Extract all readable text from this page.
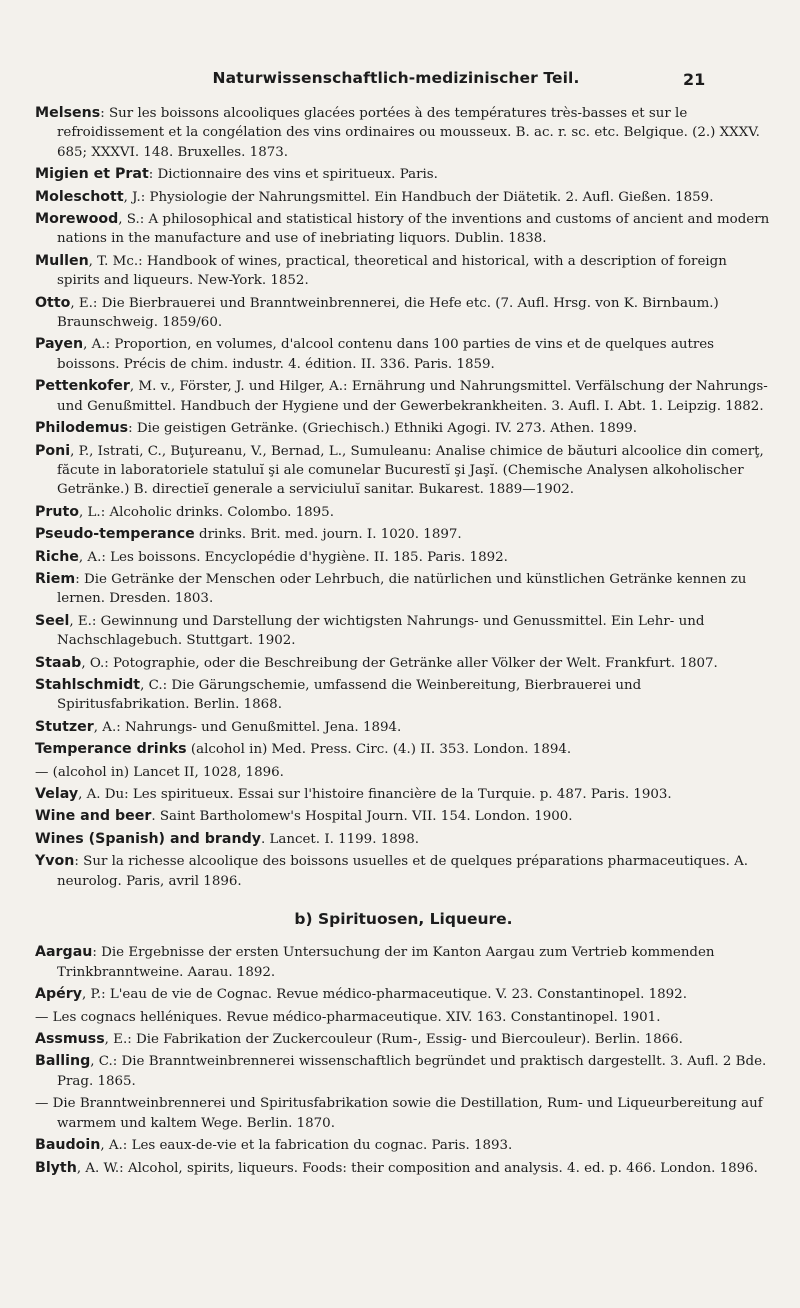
Naturwissenschaftlich-medizinischer Teil.	21
Melsens: Sur les boissons alcooliques glacées portées à des températures très-basses et sur le refroidissement et la congélation des vins ordinaires ou mousseux. B. ac. r. sc. etc. Belgique. (2.) XXXV. 685; XXXVI. 148. Bruxelles. 1873.
Migien et Prat: Dictionnaire des vins et spiritueux. Paris.
Moleschott, J.: Physiologie der Nahrungsmittel. Ein Handbuch der Diätetik. 2. Aufl. Gießen. 1859.
Morewood, S.: A philosophical and statistical history of the inventions and customs of ancient and modern nations in the manufacture and use of inebriating liquors. Dublin. 1838.
Mullen, T. Mc.: Handbook of wines, practical, theoretical and historical, with a description of foreign spirits and liqueurs. New-York. 1852.
Otto, E.: Die Bierbrauerei und Branntweinbrennerei, die Hefe etc. (7. Aufl. Hrsg. von K. Birnbaum.) Braunschweig. 1859/60.
Payen, A.: Proportion, en volumes, d'alcool contenu dans 100 parties de vins et de quelques autres boissons. Précis de chim. industr. 4. édition. II. 336. Paris. 1859.
Pettenkofer, M. v., Förster, J. und Hilger, A.: Ernährung und Nahrungsmittel. Verfälschung der Nahrungs- und Genußmittel. Handbuch der Hygiene und der Gewerbekrankheiten. 3. Aufl. I. Abt. 1. Leipzig. 1882.
Philodemus: Die geistigen Getränke. (Griechisch.) Ethniki Agogi. IV. 273. Athen. 1899.
Poni, P., Istrati, C., Buţureanu, V., Bernad, L., Sumuleanu: Analise chimice de băuturi alcoolice din comerţ, făcute in laboratoriele statuluĭ şi ale comunelar Bucurestĭ şi Jaşĭ. (Chemische Analysen alkoholischer Getränke.) B. directieĭ generale a serviciuluĭ sanitar. Bukarest. 1889—1902.
Pruto, L.: Alcoholic drinks. Colombo. 1895.
Pseudo-temperance drinks. Brit. med. journ. I. 1020. 1897.
Riche, A.: Les boissons. Encyclopédie d'hygiène. II. 185. Paris. 1892.
Riem: Die Getränke der Menschen oder Lehrbuch, die natürlichen und künstlichen Getränke kennen zu lernen. Dresden. 1803.
Seel, E.: Gewinnung und Darstellung der wichtigsten Nahrungs- und Genussmittel. Ein Lehr- und Nachschlagebuch. Stuttgart. 1902.
Staab, O.: Potographie, oder die Beschreibung der Getränke aller Völker der Welt. Frankfurt. 1807.
Stahlschmidt, C.: Die Gärungschemie, umfassend die Weinbereitung, Bierbrauerei und Spiritusfabrikation. Berlin. 1868.
Stutzer, A.: Nahrungs- und Genußmittel. Jena. 1894.
Temperance drinks (alcohol in) Med. Press. Circ. (4.) II. 353. London. 1894.
— (alcohol in) Lancet II, 1028, 1896.
Velay, A. Du: Les spiritueux. Essai sur l'histoire financière de la Turquie. p. 487. Paris. 1903.
Wine and beer. Saint Bartholomew's Hospital Journ. VII. 154. London. 1900.
Wines (Spanish) and brandy. Lancet. I. 1199. 1898.
Yvon: Sur la richesse alcoolique des boissons usuelles et de quelques préparations pharmaceutiques. A. neurolog. Paris, avril 1896.
b) Spirituosen, Liqueure.
Aargau: Die Ergebnisse der ersten Untersuchung der im Kanton Aargau zum Vertrieb kommenden Trinkbranntweine. Aarau. 1892.
Apéry, P.: L'eau de vie de Cognac. Revue médico-pharmaceutique. V. 23. Constantinopel. 1892.
— Les cognacs helléniques. Revue médico-pharmaceutique. XIV. 163. Constantinopel. 1901.
Assmuss, E.: Die Fabrikation der Zuckercouleur (Rum-, Essig- und Biercouleur). Berlin. 1866.
Balling, C.: Die Branntweinbrennerei wissenschaftlich begründet und praktisch dargestellt. 3. Aufl. 2 Bde. Prag. 1865.
— Die Branntweinbrennerei und Spiritusfabrikation sowie die Destillation, Rum- und Liqueurbereitung auf warmem und kaltem Wege. Berlin. 1870.
Baudoin, A.: Les eaux-de-vie et la fabrication du cognac. Paris. 1893.
Blyth, A. W.: Alcohol, spirits, liqueurs. Foods: their composition and analysis. 4. ed. p. 466. London. 1896.
